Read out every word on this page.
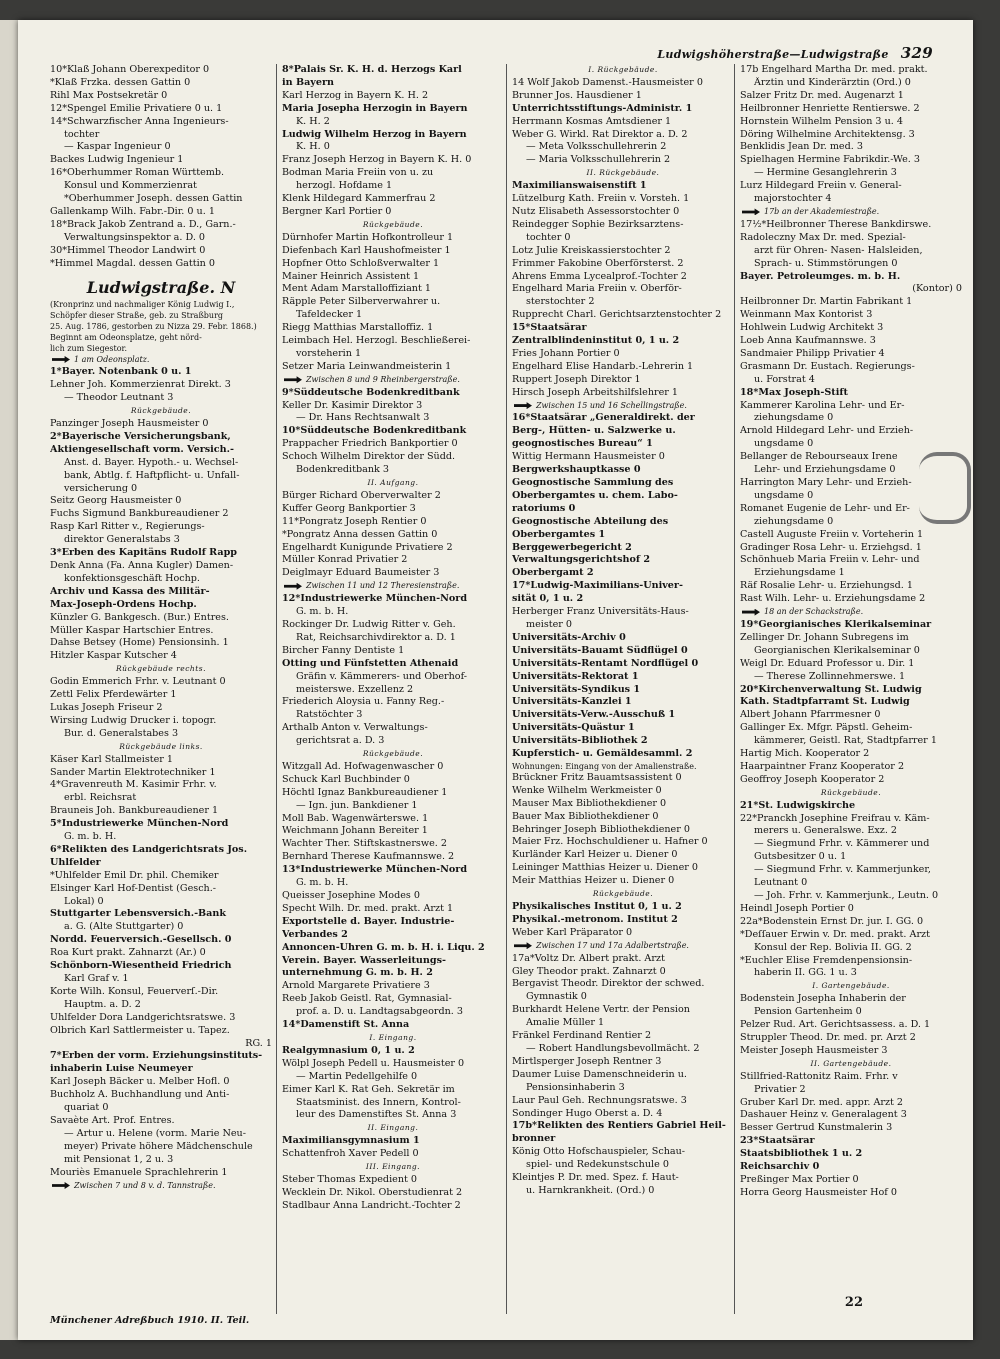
Ludwigshöherstraße—Ludwigstraße 329
10*Klaß Johann Oberexpeditor 0
*Klaß Frzka. dessen Gattin 0
Rihl Max Postsekretär 0
12*Spengel Emilie Privatiere 0 u. 1
14*Schwarzfischer Anna Ingenieurs-
tochter
— Kaspar Ingenieur 0
Backes Ludwig Ingenieur 1
16*Oberhummer Roman Württemb.
Konsul und Kommerzienrat
*Oberhummer Joseph. dessen Gattin
Gallenkamp Wilh. Fabr.-Dir. 0 u. 1
18*Brack Jakob Zentrand a. D., Garn.-
Verwaltungsinspektor a. D. 0
30*Himmel Theodor Landwirt 0
*Himmel Magdal. dessen Gattin 0
Ludwigstraße. N
(Kronprinz und nachmaliger König Ludwig I.,
Schöpfer dieser Straße, geb. zu Straßburg
25. Aug. 1786, gestorben zu Nizza 29. Febr. 1868.)
Beginnt am Odeonsplatze, geht nörd-
lich zum Siegestor.
1 am Odeonsplatz.
1*Bayer. Notenbank 0 u. 1
Lehner Joh. Kommerzienrat Direkt. 3
— Theodor Leutnant 3
Rückgebäude.
Panzinger Joseph Hausmeister 0
2*Bayerische Versicherungsbank,
Aktiengesellschaft vorm. Versich.-
Anst. d. Bayer. Hypoth.- u. Wechsel-
bank, Abtlg. f. Haftpflicht- u. Unfall-
versicherung 0
Seitz Georg Hausmeister 0
Fuchs Sigmund Bankbureaudiener 2
Rasp Karl Ritter v., Regierungs-
direktor Generalstabs 3
3*Erben des Kapitäns Rudolf Rapp
Denk Anna (Fa. Anna Kugler) Damen-
konfektionsgeschäft Hochp.
Archiv und Kassa des Militär-
Max-Joseph-Ordens Hochp.
Künzler G. Bankgesch. (Bur.) Entres.
Müller Kaspar Hartschier Entres.
Dahse Betsey (Home) Pensionsinh. 1
Hitzler Kaspar Kutscher 4
Rückgebäude rechts.
Godin Emmerich Frhr. v. Leutnant 0
Zettl Felix Pferdewärter 1
Lukas Joseph Friseur 2
Wirsing Ludwig Drucker i. topogr.
Bur. d. Generalstabes 3
Rückgebäude links.
Käser Karl Stallmeister 1
Sander Martin Elektrotechniker 1
4*Gravenreuth M. Kasimir Frhr. v.
erbl. Reichsrat
Brauneis Joh. Bankbureaudiener 1
5*Industriewerke München-Nord
G. m. b. H.
6*Relikten des Landgerichtsrats Jos.
Uhlfelder
*Uhlfelder Emil Dr. phil. Chemiker
Elsinger Karl Hof-Dentist (Gesch.-
Lokal) 0
Stuttgarter Lebensversich.-Bank
a. G. (Alte Stuttgarter) 0
Nordd. Feuerversich.-Gesellsch. 0
Roa Kurt prakt. Zahnarzt (Ar.) 0
Schönborn-Wiesentheid Friedrich
Karl Graf v. 1
Korte Wilh. Konsul, Feuerverſ.-Dir.
Hauptm. a. D. 2
Uhlfelder Dora Landgerichtsratswe. 3
Olbrich Karl Sattlermeister u. Tapez.
RG. 1
7*Erben der vorm. Erziehungsinstituts-
inhaberin Luise Neumeyer
Karl Joseph Bäcker u. Melber Hofl. 0
Buchholz A. Buchhandlung und Anti-
quariat 0
Savaète Art. Prof. Entres.
— Artur u. Helene (vorm. Marie Neu-
meyer) Private höhere Mädchenschule
mit Pensionat 1, 2 u. 3
Mouriès Emanuele Sprachlehrerin 1
Zwischen 7 und 8 v. d. Tannstraße.
8*Palais Sr. K. H. d. Herzogs Karl
in Bayern
Karl Herzog in Bayern K. H. 2
Maria Josepha Herzogin in Bayern
K. H. 2
Ludwig Wilhelm Herzog in Bayern
K. H. 0
Franz Joseph Herzog in Bayern K. H. 0
Bodman Maria Freiin von u. zu
herzogl. Hofdame 1
Klenk Hildegard Kammerfrau 2
Bergner Karl Portier 0
Rückgebäude.
Dürnhofer Martin Hofkontrolleur 1
Diefenbach Karl Haushofmeister 1
Hopfner Otto Schloßverwalter 1
Mainer Heinrich Assistent 1
Ment Adam Marstalloffiziant 1
Räpple Peter Silberverwahrer u.
Tafeldecker 1
Riegg Matthias Marstalloffiz. 1
Leimbach Hel. Herzogl. Beschließerei-
vorsteherin 1
Setzer Maria Leinwandmeisterin 1
Zwischen 8 und 9 Rheinbergerstraße.
9*Süddeutsche Bodenkreditbank
Keller Dr. Kasimir Direktor 3
— Dr. Hans Rechtsanwalt 3
10*Süddeutsche Bodenkreditbank
Prappacher Friedrich Bankportier 0
Schoch Wilhelm Direktor der Südd.
Bodenkreditbank 3
II. Aufgang.
Bürger Richard Oberverwalter 2
Kuffer Georg Bankportier 3
11*Pongratz Joseph Rentier 0
*Pongratz Anna dessen Gattin 0
Engelhardt Kunigunde Privatiere 2
Müller Konrad Privatier 2
Deiglmayr Eduard Baumeister 3
Zwischen 11 und 12 Theresienstraße.
12*Industriewerke München-Nord
G. m. b. H.
Rockinger Dr. Ludwig Ritter v. Geh.
Rat, Reichsarchivdirektor a. D. 1
Bircher Fanny Dentiste 1
Otting und Fünfstetten Athenaid
Gräfin v. Kämmerers- und Oberhof-
meisterswe. Exzellenz 2
Friederich Aloysia u. Fanny Reg.-
Ratstöchter 3
Arthalb Anton v. Verwaltungs-
gerichtsrat a. D. 3
Rückgebäude.
Witzgall Ad. Hofwagenwascher 0
Schuck Karl Buchbinder 0
Höchtl Ignaz Bankbureaudiener 1
— Ign. jun. Bankdiener 1
Moll Bab. Wagenwärterswe. 1
Weichmann Johann Bereiter 1
Wachter Ther. Stiftskastnerswe. 2
Bernhard Therese Kaufmannswe. 2
13*Industriewerke München-Nord
G. m. b. H.
Queisser Josephine Modes 0
Specht Wilh. Dr. med. prakt. Arzt 1
Exportstelle d. Bayer. Industrie-
Verbandes 2
Annoncen-Uhren G. m. b. H. i. Liqu. 2
Verein. Bayer. Wasserleitungs-
unternehmung G. m. b. H. 2
Arnold Margarete Privatiere 3
Reeb Jakob Geistl. Rat, Gymnasial-
prof. a. D. u. Landtagsabgeordn. 3
14*Damenstift St. Anna
I. Eingang.
Realgymnasium 0, 1 u. 2
Wölpl Joseph Pedell u. Hausmeister 0
— Martin Pedellgehilfe 0
Eimer Karl K. Rat Geh. Sekretär im
Staatsminist. des Innern, Kontrol-
leur des Damenstiftes St. Anna 3
II. Eingang.
Maximiliansgymnasium 1
Schattenfroh Xaver Pedell 0
III. Eingang.
Steber Thomas Expedient 0
Wecklein Dr. Nikol. Oberstudienrat 2
Stadlbaur Anna Landricht.-Tochter 2
I. Rückgebäude.
14 Wolf Jakob Damenst.-Hausmeister 0
Brunner Jos. Hausdiener 1
Unterrichtsstiftungs-Administr. 1
Herrmann Kosmas Amtsdiener 1
Weber G. Wirkl. Rat Direktor a. D. 2
— Meta Volksschullehrerin 2
— Maria Volksschullehrerin 2
II. Rückgebäude.
Maximilianswaisenstift 1
Lützelburg Kath. Freiin v. Vorsteh. 1
Nutz Elisabeth Assessorstochter 0
Reindegger Sophie Bezirksarztens-
tochter 0
Lotz Julie Kreiskassierstochter 2
Frimmer Fakobine Oberförsterst. 2
Ahrens Emma Lycealprof.-Tochter 2
Engelhard Maria Freiin v. Oberför-
sterstochter 2
Rupprecht Charl. Gerichtsarztenstochter 2
15*Staatsärar
Zentralblindeninstitut 0, 1 u. 2
Fries Johann Portier 0
Engelhard Elise Handarb.-Lehrerin 1
Ruppert Joseph Direktor 1
Hirsch Joseph Arbeitshilfslehrer 1
Zwischen 15 und 16 Schellingstraße.
16*Staatsärar „Generaldirekt. der
Berg-, Hütten- u. Salzwerke u.
geognostisches Bureau“ 1
Wittig Hermann Hausmeister 0
Bergwerkshauptkasse 0
Geognostische Sammlung des
Oberbergamtes u. chem. Labo-
ratoriums 0
Geognostische Abteilung des
Oberbergamtes 1
Berggewerbegericht 2
Verwaltungsgerichtshof 2
Oberbergamt 2
17*Ludwig-Maximilians-Univer-
sität 0, 1 u. 2
Herberger Franz Universitäts-Haus-
meister 0
Universitäts-Archiv 0
Universitäts-Bauamt Südflügel 0
Universitäts-Rentamt Nordflügel 0
Universitäts-Rektorat 1
Universitäts-Syndikus 1
Universitäts-Kanzlei 1
Universitäts-Verw.-Ausschuß 1
Universitäts-Quästur 1
Universitäts-Bibliothek 2
Kupferstich- u. Gemäldesamml. 2
Wohnungen: Eingang von der Amalienstraße.
Brückner Fritz Bauamtsassistent 0
Wenke Wilhelm Werkmeister 0
Mauser Max Bibliothekdiener 0
Bauer Max Bibliothekdiener 0
Behringer Joseph Bibliothekdiener 0
Maier Frz. Hochschuldiener u. Hafner 0
Kurländer Karl Heizer u. Diener 0
Leininger Matthias Heizer u. Diener 0
Meir Matthias Heizer u. Diener 0
Rückgebäude.
Physikalisches Institut 0, 1 u. 2
Physikal.-metronom. Institut 2
Weber Karl Präparator 0
Zwischen 17 und 17a Adalbertstraße.
17a*Voltz Dr. Albert prakt. Arzt
Gley Theodor prakt. Zahnarzt 0
Bergavist Theodr. Direktor der schwed.
Gymnastik 0
Burkhardt Helene Vertr. der Pension
Amalie Müller 1
Fränkel Ferdinand Rentier 2
— Robert Handlungsbevollmächt. 2
Mirtlsperger Joseph Rentner 3
Daumer Luise Damenschneiderin u.
Pensionsinhaberin 3
Laur Paul Geh. Rechnungsratswe. 3
Sondinger Hugo Oberst a. D. 4
17b*Relikten des Rentiers Gabriel Heil-
bronner
König Otto Hofschauspieler, Schau-
spiel- und Redekunstschule 0
Kleintjes P. Dr. med. Spez. f. Haut-
u. Harnkrankheit. (Ord.) 0
17b Engelhard Martha Dr. med. prakt.
Ärztin und Kinderärztin (Ord.) 0
Salzer Fritz Dr. med. Augenarzt 1
Heilbronner Henriette Rentierswe. 2
Hornstein Wilhelm Pension 3 u. 4
Döring Wilhelmine Architektensg. 3
Benklidis Jean Dr. med. 3
Spielhagen Hermine Fabrikdir.-We. 3
— Hermine Gesanglehrerin 3
Lurz Hildegard Freiin v. General-
majorstochter 4
17b an der Akademiestraße.
17½*Heilbronner Therese Bankdirswe.
Radoleczny Max Dr. med. Spezial-
arzt für Ohren- Nasen- Halsleiden,
Sprach- u. Stimmstörungen 0
Bayer. Petroleumges. m. b. H.
(Kontor) 0
Heilbronner Dr. Martin Fabrikant 1
Weinmann Max Kontorist 3
Hohlwein Ludwig Architekt 3
Loeb Anna Kaufmannswe. 3
Sandmaier Philipp Privatier 4
Grasmann Dr. Eustach. Regierungs-
u. Forstrat 4
18*Max Joseph-Stift
Kammerer Karolina Lehr- und Er-
ziehungsdame 0
Arnold Hildegard Lehr- und Erzieh-
ungsdame 0
Bellanger de Rebourseaux Irene
Lehr- und Erziehungsdame 0
Harrington Mary Lehr- und Erzieh-
ungsdame 0
Romanet Eugenie de Lehr- und Er-
ziehungsdame 0
Castell Auguste Freiin v. Vorteherin 1
Gradinger Rosa Lehr- u. Erziehgsd. 1
Schönhueb Maria Freiin v. Lehr- und
Erziehungsdame 1
Räf Rosalie Lehr- u. Erziehungsd. 1
Rast Wilh. Lehr- u. Erziehungsdame 2
18 an der Schackstraße.
19*Georgianisches Klerikalseminar
Zellinger Dr. Johann Subregens im
Georgianischen Klerikalseminar 0
Weigl Dr. Eduard Professor u. Dir. 1
— Therese Zollinnehmerswe. 1
20*Kirchenverwaltung St. Ludwig
Kath. Stadtpfarramt St. Ludwig
Albert Johann Pfarrmesner 0
Gallinger Ex. Mfgr. Päpstl. Geheim-
kämmerer, Geistl. Rat, Stadtpfarrer 1
Hartig Mich. Kooperator 2
Haarpaintner Franz Kooperator 2
Geoffroy Joseph Kooperator 2
Rückgebäude.
21*St. Ludwigskirche
22*Pranckh Josephine Freifrau v. Käm-
merers u. Generalswe. Exz. 2
— Siegmund Frhr. v. Kämmerer und
Gutsbesitzer 0 u. 1
— Siegmund Frhr. v. Kammerjunker,
Leutnant 0
— Joh. Frhr. v. Kammerjunk., Leutn. 0
Heindl Joseph Portier 0
22a*Bodenstein Ernst Dr. jur. I. GG. 0
*Deſſauer Erwin v. Dr. med. prakt. Arzt
Konsul der Rep. Bolivia II. GG. 2
*Euchler Elise Fremdenpensionsin-
haberin II. GG. 1 u. 3
I. Gartengebäude.
Bodenstein Josepha Inhaberin der
Pension Gartenheim 0
Pelzer Rud. Art. Gerichtsassess. a. D. 1
Struppler Theod. Dr. med. pr. Arzt 2
Meister Joseph Hausmeister 3
II. Gartengebäude.
Stillfried-Rattonitz Raim. Frhr. v
Privatier 2
Gruber Karl Dr. med. appr. Arzt 2
Dashauer Heinz v. Generalagent 3
Besser Gertrud Kunstmalerin 3
23*Staatsärar
Staatsbibliothek 1 u. 2
Reichsarchiv 0
Preßinger Max Portier 0
Horra Georg Hausmeister Hof 0
Münchener Adreßbuch 1910. II. Teil.
22
